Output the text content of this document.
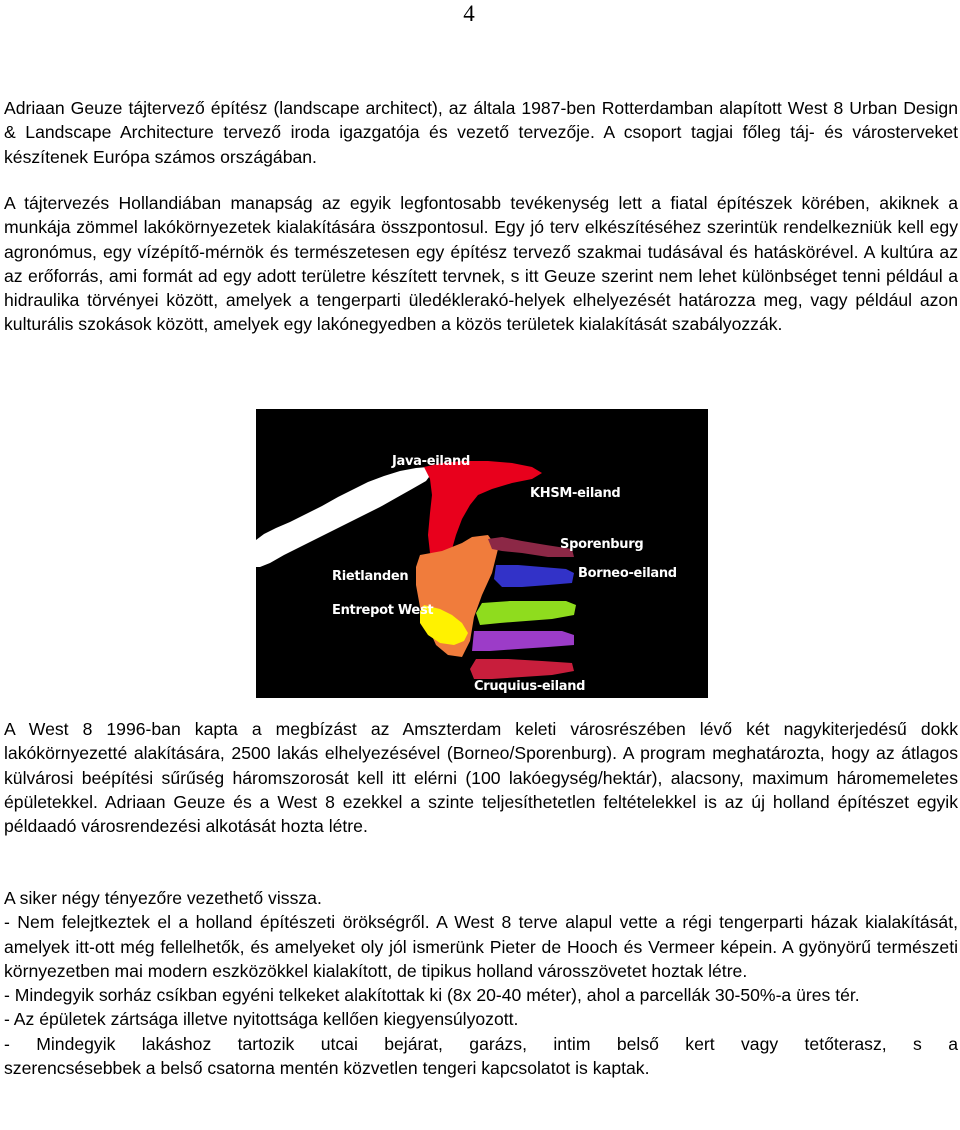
4

Adriaan Geuze tájtervező építész (landscape architect), az általa 1987-ben Rotterdamban alapított West 8 Urban Design & Landscape Architecture tervező iroda igazgatója és vezető tervezője. A csoport tagjai főleg táj- és városterveket készítenek Európa számos országában.

A tájtervezés Hollandiában manapság az egyik legfontosabb tevékenység lett a fiatal építészek körében, akiknek a munkája zömmel lakókörnyezetek kialakítására összpontosul. Egy jó terv elkészítéséhez szerintük rendelkezniük kell egy agronómus, egy vízépítő-mérnök és természetesen egy építész tervező szakmai tudásával és hatáskörével. A kultúra az az erőforrás, ami formát ad egy adott területre készített tervnek, s itt Geuze szerint nem lehet különbséget tenni például a hidraulika törvényei között, amelyek a tengerparti üledéklerakó-helyek elhelyezését határozza meg, vagy például azon kulturális szokások között, amelyek egy lakónegyedben a közös területek kialakítását szabályozzák.

Java-eiland
KHSM-eiland
Sporenburg
Borneo-eiland
Rietlanden
Entrepot West
Cruquius-eiland

A West 8 1996-ban kapta a megbízást az Amszterdam keleti városrészében lévő két nagykiterjedésű dokk lakókörnyezetté alakítására, 2500 lakás elhelyezésével (Borneo/Sporenburg). A program meghatározta, hogy az átlagos külvárosi beépítési sűrűség háromszorosát kell itt elérni (100 lakóegység/hektár), alacsony, maximum háromemeletes épületekkel. Adriaan Geuze és a West 8 ezekkel a szinte teljesíthetetlen feltételekkel is az új holland építészet egyik példaadó városrendezési alkotását hozta létre.

A siker négy tényezőre vezethető vissza.
- Nem felejtkeztek el a holland építészeti örökségről. A West 8 terve alapul vette a régi tengerparti házak kialakítását, amelyek itt-ott még fellelhetők, és amelyeket oly jól ismerünk Pieter de Hooch és Vermeer képein. A gyönyörű természeti környezetben mai modern eszközökkel kialakított, de tipikus holland városszövetet hoztak létre.
- Mindegyik sorház csíkban egyéni telkeket alakítottak ki (8x 20-40 méter), ahol a parcellák 30-50%-a üres tér.
- Az épületek zártsága illetve nyitottsága kellően kiegyensúlyozott.
- Mindegyik lakáshoz tartozik utcai bejárat, garázs, intim belső kert vagy tetőterasz, s a
szerencsésebbek a belső csatorna mentén közvetlen tengeri kapcsolatot is kaptak.
